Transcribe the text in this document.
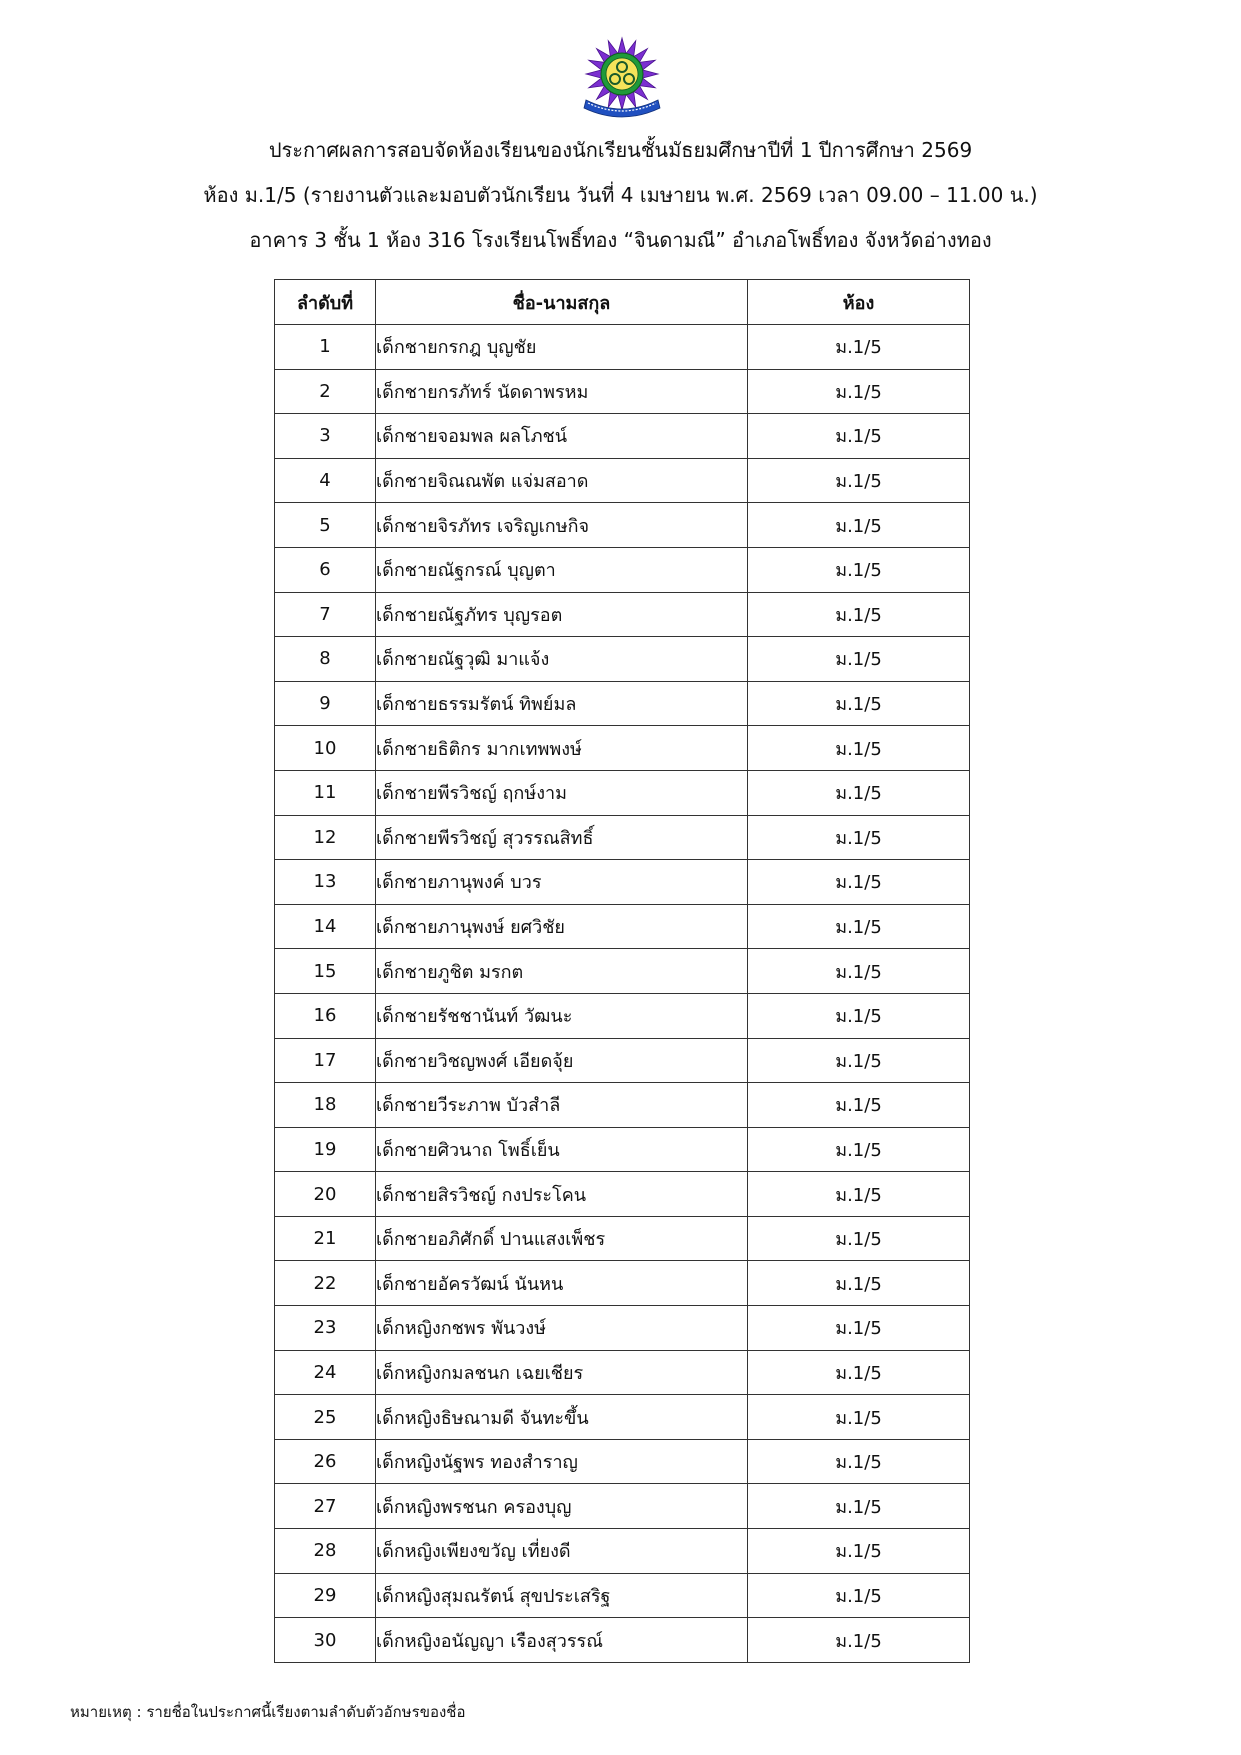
ประกาศผลการสอบจัดห้องเรียนของนักเรียนชั้นมัธยมศึกษาปีที่ 1 ปีการศึกษา 2569
ห้อง ม.1/5 (รายงานตัวและมอบตัวนักเรียน วันที่ 4 เมษายน พ.ศ. 2569 เวลา 09.00 – 11.00 น.)
อาคาร 3 ชั้น 1 ห้อง 316 โรงเรียนโพธิ์ทอง “จินดามณี” อำเภอโพธิ์ทอง จังหวัดอ่างทอง
ลำดับที่	ชื่อ-นามสกุล	ห้อง
1	เด็กชายกรกฎ บุญชัย	ม.1/5
2	เด็กชายกรภัทร์ นัดดาพรหม	ม.1/5
3	เด็กชายจอมพล ผลโภชน์	ม.1/5
4	เด็กชายจิณณพัต แจ่มสอาด	ม.1/5
5	เด็กชายจิรภัทร เจริญเกษกิจ	ม.1/5
6	เด็กชายณัฐกรณ์ บุญตา	ม.1/5
7	เด็กชายณัฐภัทร บุญรอต	ม.1/5
8	เด็กชายณัฐวุฒิ มาแจ้ง	ม.1/5
9	เด็กชายธรรมรัตน์ ทิพย์มล	ม.1/5
10	เด็กชายธิติกร มากเทพพงษ์	ม.1/5
11	เด็กชายพีรวิชญ์ ฤกษ์งาม	ม.1/5
12	เด็กชายพีรวิชญ์ สุวรรณสิทธิ์	ม.1/5
13	เด็กชายภานุพงค์ บวร	ม.1/5
14	เด็กชายภานุพงษ์ ยศวิชัย	ม.1/5
15	เด็กชายภูชิต มรกต	ม.1/5
16	เด็กชายรัชชานันท์ วัฒนะ	ม.1/5
17	เด็กชายวิชญพงศ์ เอียดจุ้ย	ม.1/5
18	เด็กชายวีระภาพ บัวสำลี	ม.1/5
19	เด็กชายศิวนาถ โพธิ์เย็น	ม.1/5
20	เด็กชายสิรวิชญ์ กงประโคน	ม.1/5
21	เด็กชายอภิศักดิ์ ปานแสงเพ็ชร	ม.1/5
22	เด็กชายอัครวัฒน์ นันหน	ม.1/5
23	เด็กหญิงกชพร พันวงษ์	ม.1/5
24	เด็กหญิงกมลชนก เฉยเชียร	ม.1/5
25	เด็กหญิงธิษณามดี จันทะขึ้น	ม.1/5
26	เด็กหญิงนัฐพร ทองสำราญ	ม.1/5
27	เด็กหญิงพรชนก ครองบุญ	ม.1/5
28	เด็กหญิงเพียงขวัญ เที่ยงดี	ม.1/5
29	เด็กหญิงสุมณรัตน์ สุขประเสริฐ	ม.1/5
30	เด็กหญิงอนัญญา เรืองสุวรรณ์	ม.1/5
หมายเหตุ : รายชื่อในประกาศนี้เรียงตามลำดับตัวอักษรของชื่อ
